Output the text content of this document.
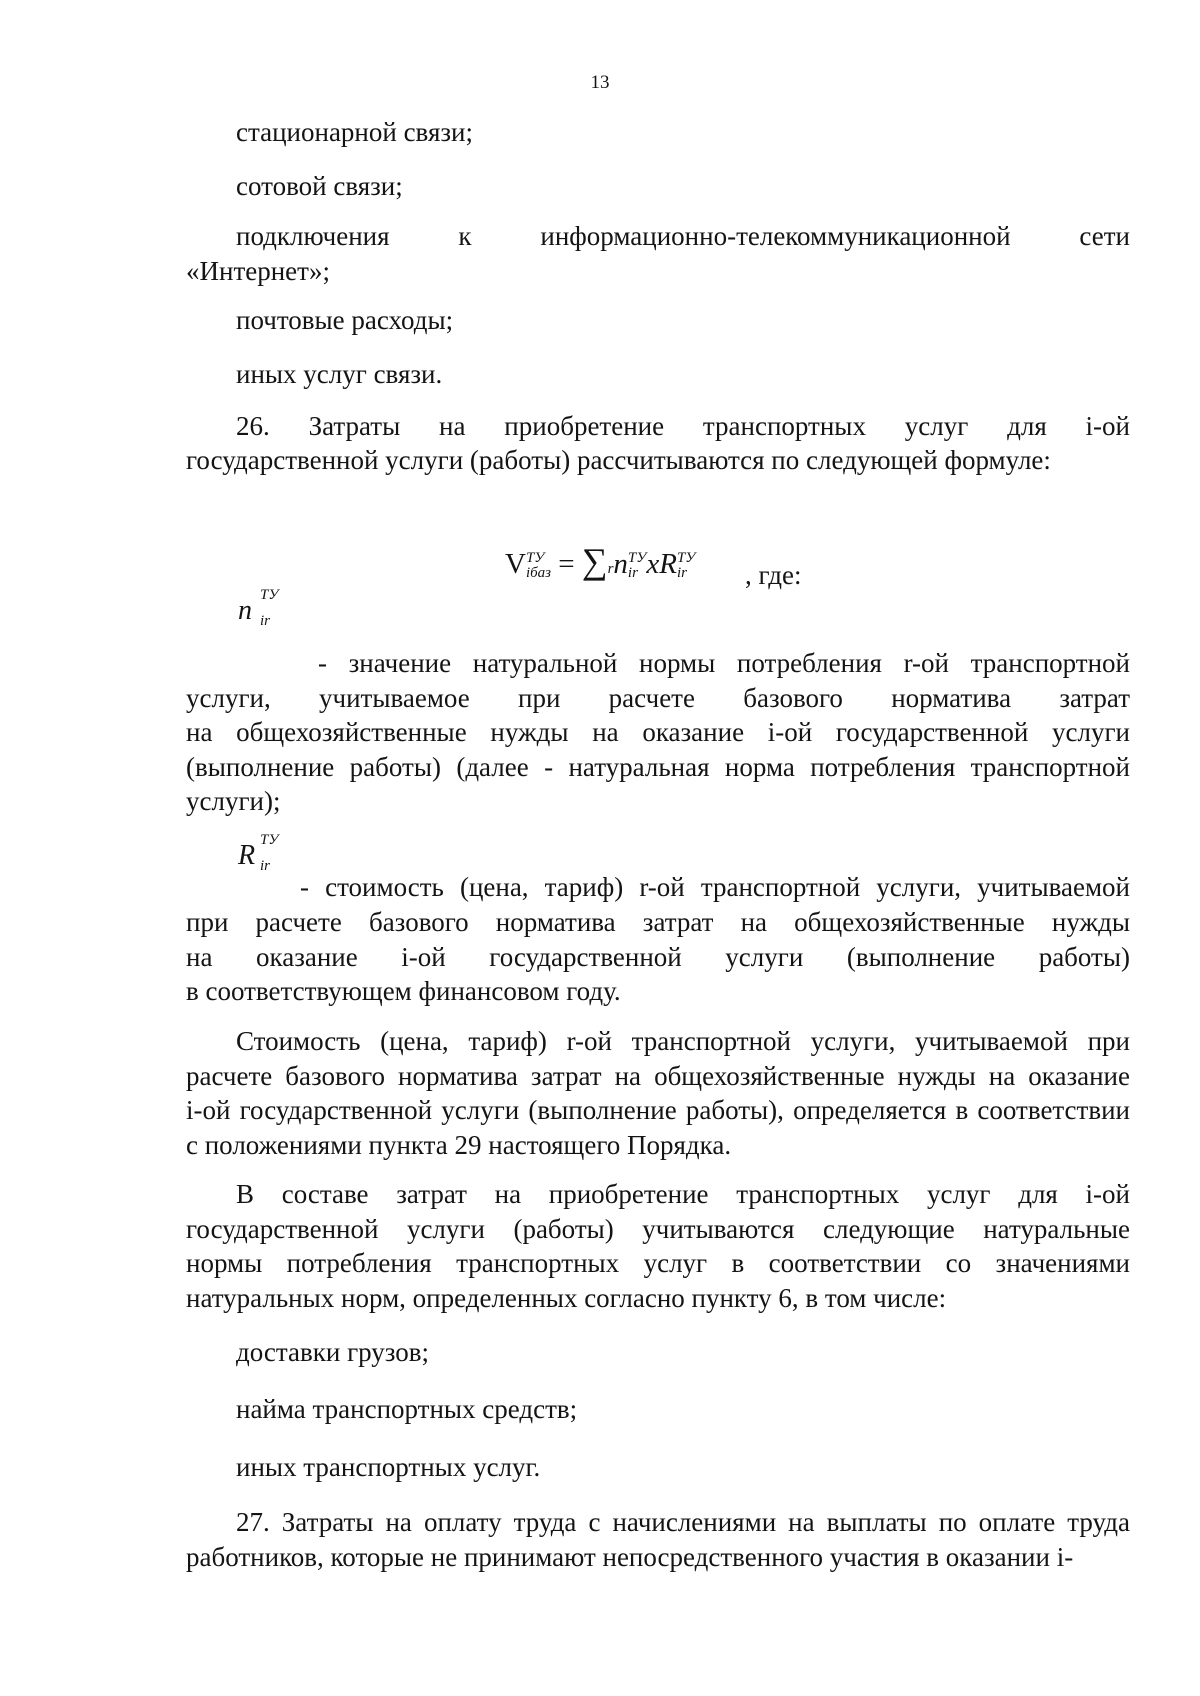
13
стационарной связи;
сотовой связи;
подключения	к	информационно-телекоммуникационной	сети
«Интернет»;
почтовые расходы;
иных услуг связи.
26. Затраты на приобретение транспортных услуг для i-ой
государственной услуги (работы) рассчитываются по следующей формуле:
V ТУ
iбаз = ∑rn ТУ
ir xR ТУ
ir	, где:
n ТУ
ir
- значение натуральной нормы потребления r-ой транспортной
услуги, учитываемое при расчете базового норматива затрат
на общехозяйственные нужды на оказание i-ой государственной услуги
(выполнение работы) (далее - натуральная норма потребления транспортной
услуги);
R ТУ
ir
- стоимость (цена, тариф) r-ой транспортной услуги, учитываемой
при расчете базового норматива затрат на общехозяйственные нужды
на оказание i-ой государственной услуги (выполнение работы)
в соответствующем финансовом году.
Стоимость (цена, тариф) r-ой транспортной услуги, учитываемой при
расчете базового норматива затрат на общехозяйственные нужды на оказание
i-ой государственной услуги (выполнение работы), определяется в соответствии
с положениями пункта 29 настоящего Порядка.
В составе затрат на приобретение транспортных услуг для i-ой
государственной услуги (работы) учитываются следующие натуральные
нормы потребления транспортных услуг в соответствии со значениями
натуральных норм, определенных согласно пункту 6, в том числе:
доставки грузов;
найма транспортных средств;
иных транспортных услуг.
27. Затраты на оплату труда с начислениями на выплаты по оплате труда
работников, которые не принимают непосредственного участия в оказании i-
